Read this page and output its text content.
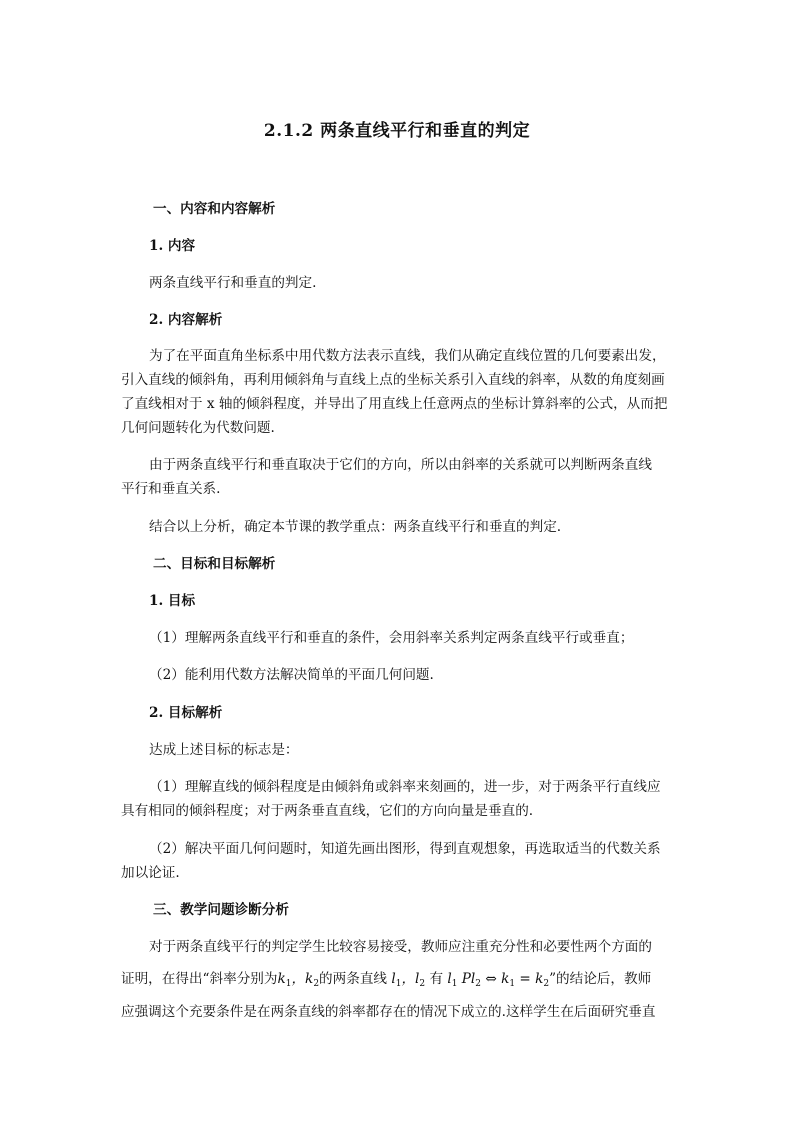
2.1.2 两条直线平行和垂直的判定
一、内容和内容解析
1. 内容
两条直线平行和垂直的判定.
2. 内容解析
为了在平面直角坐标系中用代数方法表示直线，我们从确定直线位置的几何要素出发，
引入直线的倾斜角，再利用倾斜角与直线上点的坐标关系引入直线的斜率，从数的角度刻画
了直线相对于 x 轴的倾斜程度，并导出了用直线上任意两点的坐标计算斜率的公式，从而把
几何问题转化为代数问题.
由于两条直线平行和垂直取决于它们的方向，所以由斜率的关系就可以判断两条直线
平行和垂直关系.
结合以上分析，确定本节课的教学重点：两条直线平行和垂直的判定.
二、目标和目标解析
1. 目标
（1）理解两条直线平行和垂直的条件，会用斜率关系判定两条直线平行或垂直；
（2）能利用代数方法解决简单的平面几何问题.
2. 目标解析
达成上述目标的标志是：
（1）理解直线的倾斜程度是由倾斜角或斜率来刻画的，进一步，对于两条平行直线应
具有相同的倾斜程度；对于两条垂直直线，它们的方向向量是垂直的.
（2）解决平面几何问题时，知道先画出图形，得到直观想象，再选取适当的代数关系
加以论证.
三、教学问题诊断分析
对于两条直线平行的判定学生比较容易接受，教师应注重充分性和必要性两个方面的
证明，在得出“斜率分别为$k_1$，$k_2$的两条直线 $l_1$，$l_2$ 有 $l_1$ $Pl_2$ ⇔ $k_1 = k_2$”的结论后，教师
应强调这个充要条件是在两条直线的斜率都存在的情况下成立的.这样学生在后面研究垂直
